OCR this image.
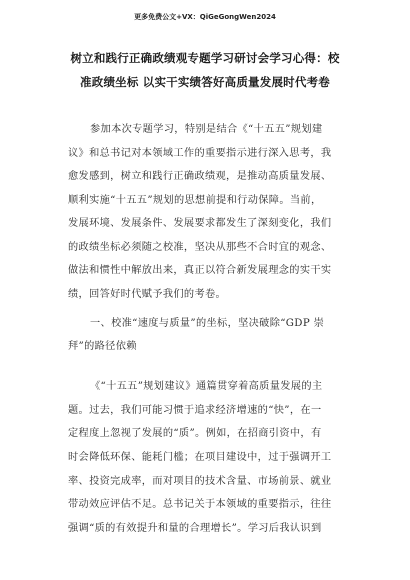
更多免费公文+VX：QiGeGongWen2024
树立和践行正确政绩观专题学习研讨会学习心得：校
准政绩坐标 以实干实绩答好高质量发展时代考卷
参加本次专题学习，特别是结合《“十五五”规划建
议》和总书记对本领域工作的重要指示进行深入思考，我
愈发感到，树立和践行正确政绩观，是推动高质量发展、
顺利实施“十五五”规划的思想前提和行动保障。当前，
发展环境、发展条件、发展要求都发生了深刻变化，我们
的政绩坐标必须随之校准，坚决从那些不合时宜的观念、
做法和惯性中解放出来，真正以符合新发展理念的实干实
绩，回答好时代赋予我们的考卷。
一、校准“速度与质量”的坐标，坚决破除“GDP 崇
拜”的路径依赖
《“十五五”规划建议》通篇贯穿着高质量发展的主
题。过去，我们可能习惯于追求经济增速的“快”，在一
定程度上忽视了发展的“质”。例如，在招商引资中，有
时会降低环保、能耗门槛；在项目建设中，过于强调开工
率、投资完成率，而对项目的技术含量、市场前景、就业
带动效应评估不足。总书记关于本领域的重要指示，往往
强调“质的有效提升和量的合理增长”。学习后我认识到
